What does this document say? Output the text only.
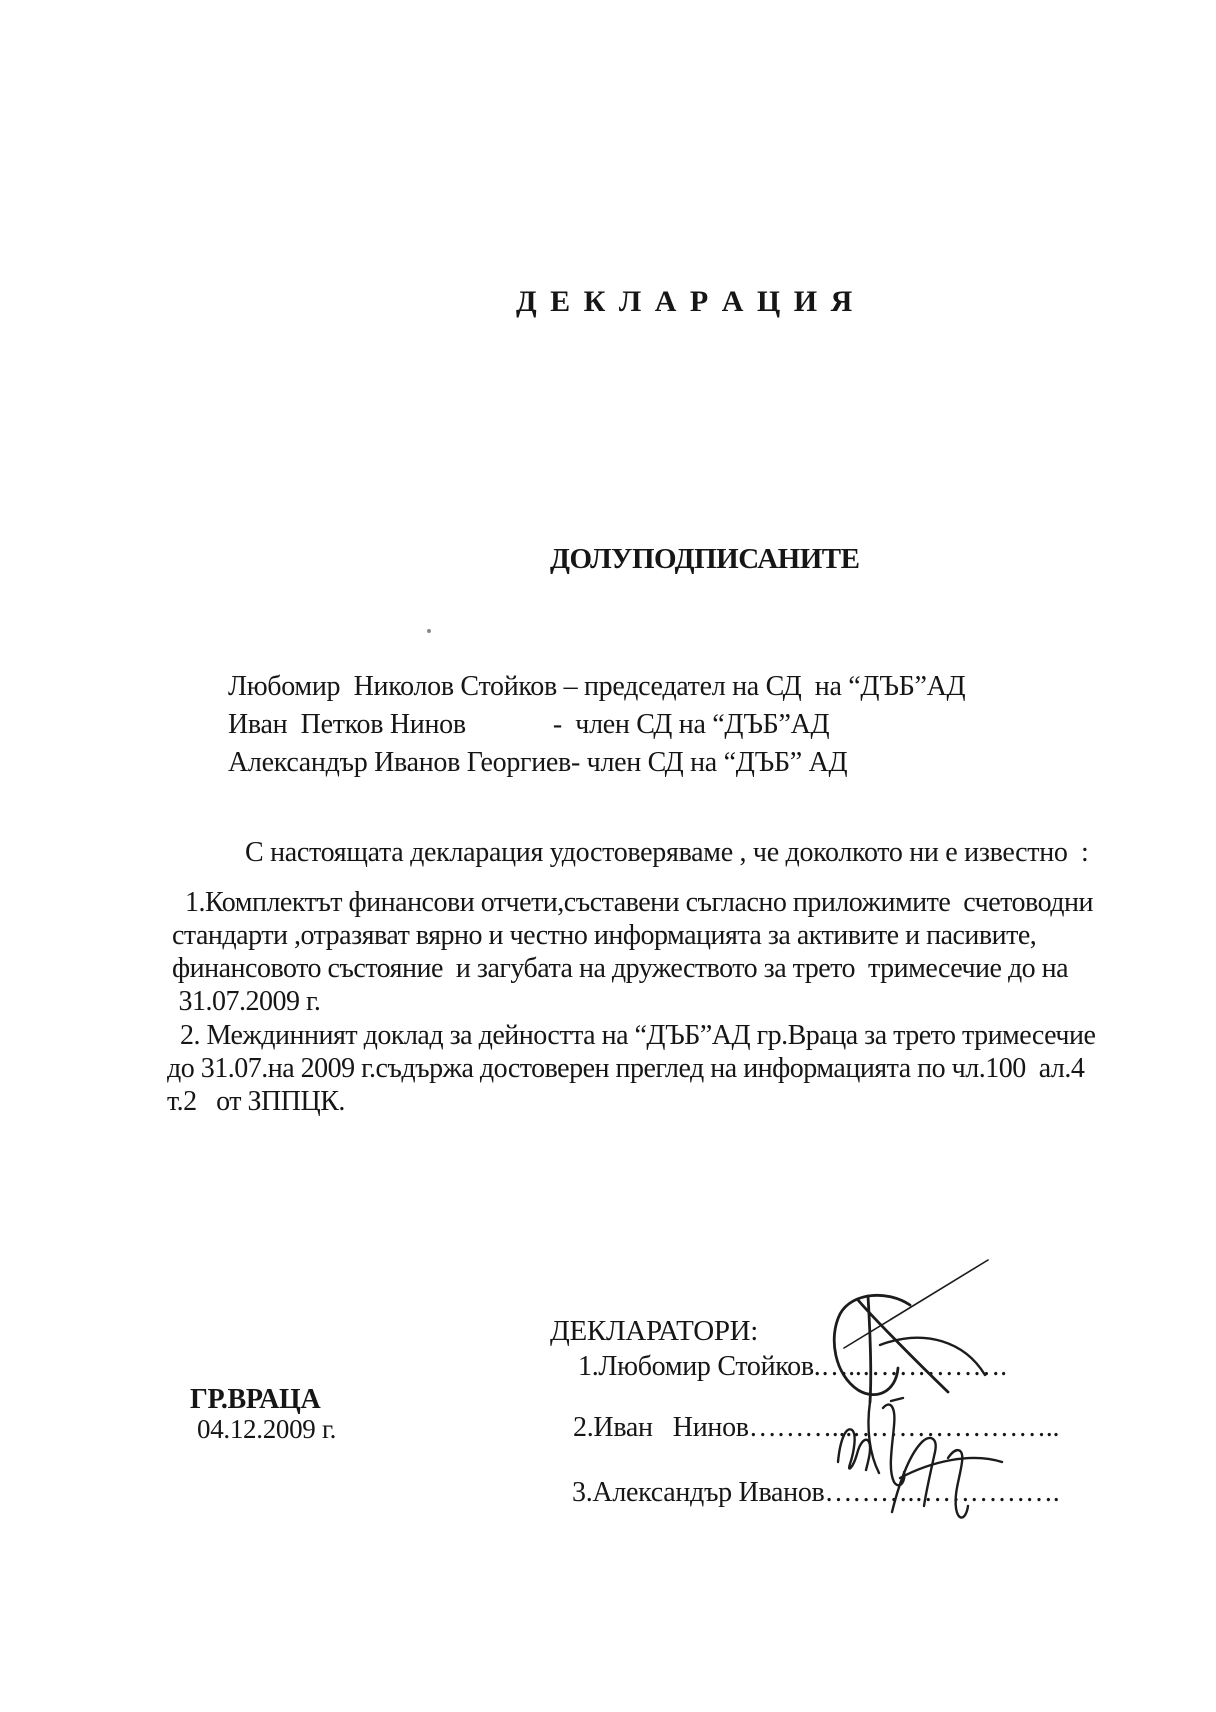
Д Е К Л А Р А Ц И Я
ДОЛУПОДПИСАНИТЕ
Любомир  Николов Стойков – председател на СД  на “ДЪБ”АД
Иван  Петков Нинов             -  член СД на “ДЪБ”АД
Александър Иванов Георгиев- член СД на “ДЪБ” АД
С настоящата декларация удостоверяваме , че доколкото ни е известно  :
1.Комплектът финансови отчети,съставени съгласно приложимите  счетоводни
стандарти ,отразяват вярно и честно информацията за активите и пасивите,
финансовото състояние  и загубата на дружеството за трето  тримесечие до на
31.07.2009 г.
2. Междинният доклад за дейността на “ДЪБ”АД гр.Враца за трето тримесечие
до 31.07.на 2009 г.съдържа достоверен преглед на информацията по чл.100  ал.4
т.2   от ЗППЦК.
ДЕКЛАРАТОРИ:
1.Любомир Стойков.…..…………….
2.Иван   Нинов………...…………………..
3.Александър Иванов……….…………….
ГР.ВРАЦА
04.12.2009 г.
